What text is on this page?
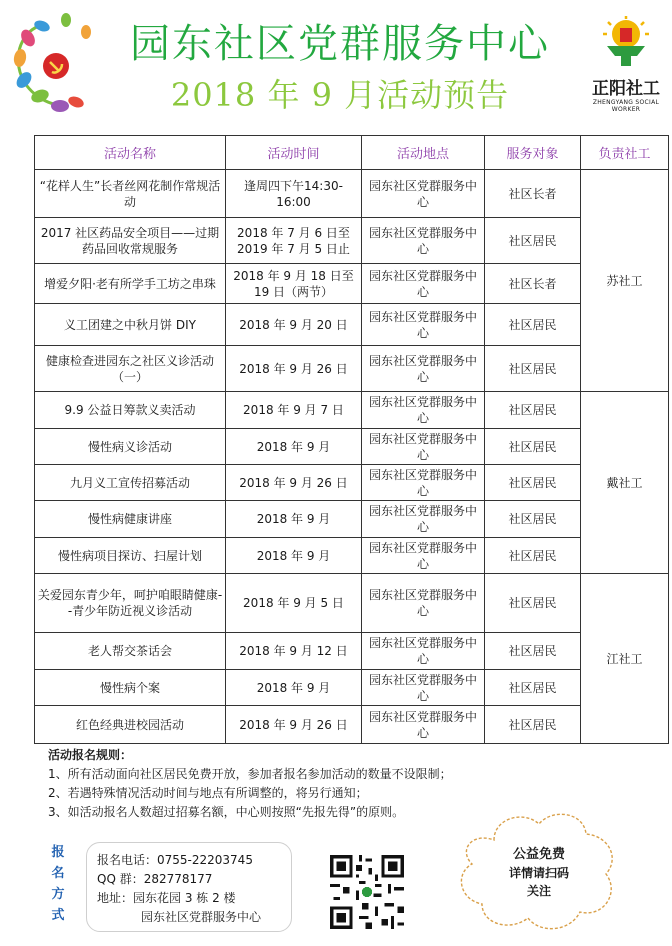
园东社区党群服务中心
2018 年 9 月活动预告	正阳社工
ZHENGYANG SOCIAL WORKER
活动名称	活动时间	活动地点	服务对象	负责社工
“花样人生”长者丝网花制作常规活动	逢周四下午14:30-16:00	园东社区党群服务中心	社区长者	苏社工
2017 社区药品安全项目——过期药品回收常规服务	2018 年 7 月 6 日至 2019 年 7 月 5 日止	园东社区党群服务中心	社区居民	
增爱夕阳·老有所学手工坊之串珠	2018 年 9 月 18 日至 19 日（两节）	园东社区党群服务中心	社区长者	
义工团建之中秋月饼 DIY	2018 年 9 月 20 日	园东社区党群服务中心	社区居民	
健康检查进园东之社区义诊活动（一）	2018 年 9 月 26 日	园东社区党群服务中心	社区居民	
9.9 公益日筹款义卖活动	2018 年 9 月 7 日	园东社区党群服务中心	社区居民	戴社工
慢性病义诊活动	2018 年 9 月	园东社区党群服务中心	社区居民	
九月义工宣传招募活动	2018 年 9 月 26 日	园东社区党群服务中心	社区居民	
慢性病健康讲座	2018 年 9 月	园东社区党群服务中心	社区居民	
慢性病项目探访、扫屋计划	2018 年 9 月	园东社区党群服务中心	社区居民	
关爱园东青少年，呵护咱眼睛健康--青少年防近视义诊活动	2018 年 9 月 5 日	园东社区党群服务中心	社区居民	江社工
老人帮交茶话会	2018 年 9 月 12 日	园东社区党群服务中心	社区居民	
慢性病个案	2018 年 9 月	园东社区党群服务中心	社区居民	
红色经典进校园活动	2018 年 9 月 26 日	园东社区党群服务中心	社区居民	
活动报名规则：
1、所有活动面向社区居民免费开放，参加者报名参加活动的数量不设限制；
2、若遇特殊情况活动时间与地点有所调整的，将另行通知；
3、如活动报名人数超过招募名额，中心则按照“先报先得”的原则。
报名方式
报名电话：0755-22203745
QQ 群：282778177
地址：园东花园 3 栋 2 楼
园东社区党群服务中心
公益免费
详情请扫码
关注
